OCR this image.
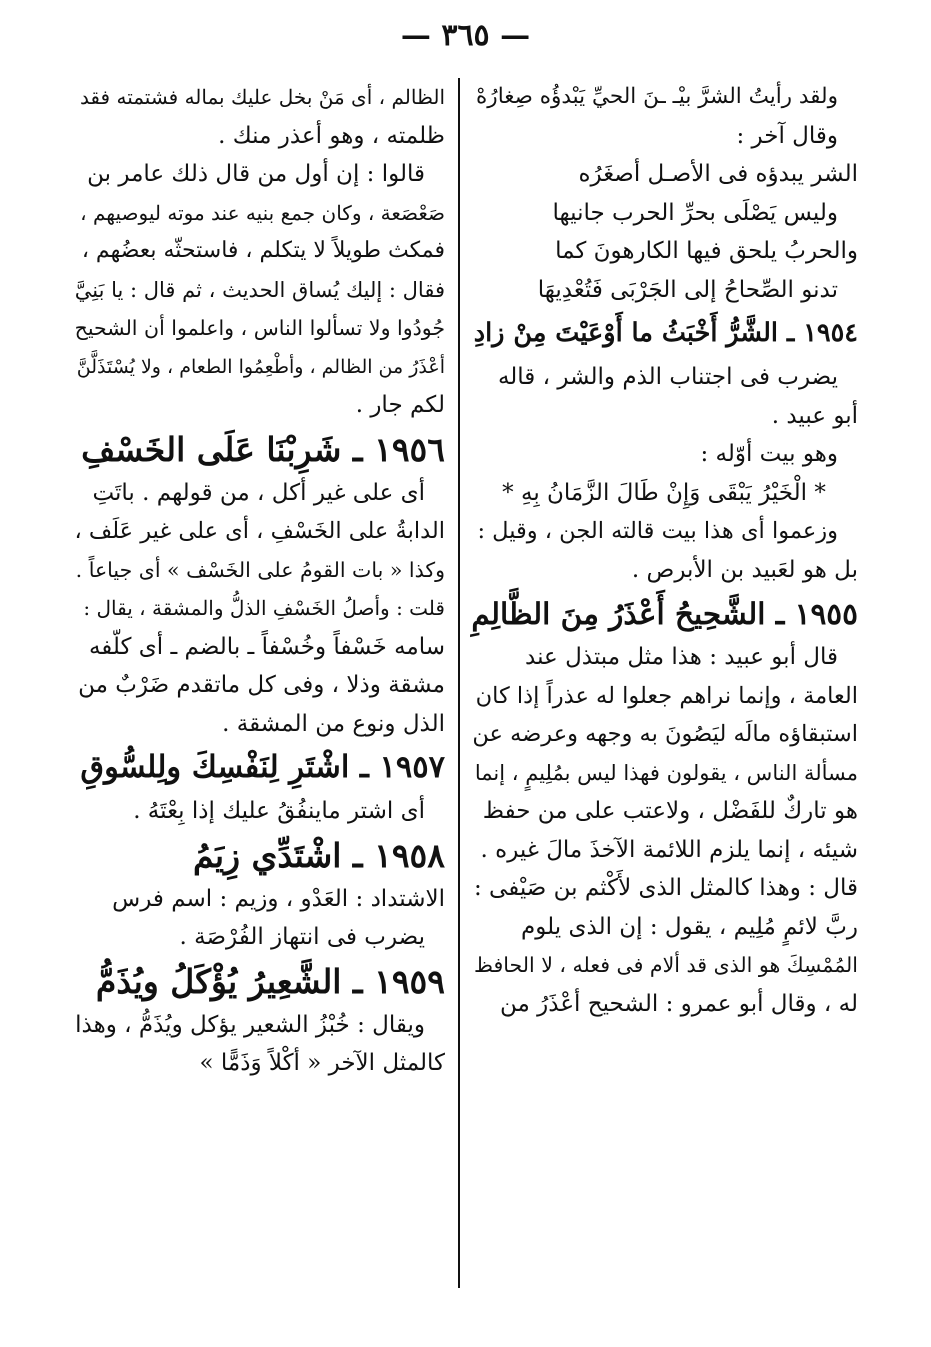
— ٣٦٥ —
ولقد رأيتُ الشرَّ بيْـ ـنَ الحيِّ يَبْدؤُه صِغارُهْ
وقال آخر :
الشر يبدؤه فى الأصـل أصغَرُه
وليس يَصْلَى بحرِّ الحرب جانيها
والحربُ يلحق فيها الكارهونَ كما
تدنو الصِّحاحُ إلى الجَرْبَى فَتُعْدِيهَا
١٩٥٤ ـ الشَّرُّ أَخْبَثُ ما أَوْعَيْتَ مِنْ زادِ
يضرب فى اجتناب الذم والشر ، قاله
أبو عبيد .
وهو بيت أوّله :
* الْخَيْرُ يَبْقَى وَإِنْ طَالَ الزَّمَانُ بِهِ *
وزعموا أى هذا بيت قالته الجن ، وقيل :
بل هو لعَبيد بن الأبرص .
١٩٥٥ ـ الشَّحِيحُ أَعْذَرُ مِنَ الظَّالِمِ
قال أبو عبيد : هذا مثل مبتذل عند
العامة ، وإنما نراهم جعلوا له عذراً إذا كان
استبقاؤه مالَه ليَصُونَ به وجهه وعرضه عن
مسألة الناس ، يقولون فهذا ليس بمُلِيمٍ ، إنما
هو تاركٌ للفَضْل ، ولاعتب على من حفظ
شيئه ، إنما يلزم اللائمة الآخذَ مالَ غيره .
قال : وهذا كالمثل الذى لأَكْثم بن صَيْفى :
ربَّ لائمٍ مُلِيم ، يقول : إن الذى يلوم
المُمْسِكَ هو الذى قد ألام فى فعله ، لا الحافظ
له ، وقال أبو عمرو : الشحيح أعْذَرُ من
الظالم ، أى مَنْ بخل عليك بماله فشتمته فقد
ظلمته ، وهو أعذر منك .
قالوا : إن أول من قال ذلك عامر بن
صَعْصَعة ، وكان جمع بنيه عند موته ليوصيهم ،
فمكث طويلاً لا يتكلم ، فاستحثّه بعضُهم ،
فقال : إليك يُساق الحديث ، ثم قال : يا بَنِيَّ
جُودُوا ولا تسألوا الناس ، واعلموا أن الشحيح
أعْذَرُ من الظالم ، وأطْعِمُوا الطعام ، ولا يُسْتَذَلَّنَّ
لكم جار .
١٩٥٦ ـ شَرِبْنَا عَلَى الخَسْفِ
أى على غير أكل ، من قولهم . باتَتِ
الدابةُ على الخَسْفِ ، أى على غير عَلَف ،
وكذا « بات القومُ على الخَسْف » أى جياعاً .
قلت : وأصلُ الخَسْفِ الذلُّ والمشقة ، يقال :
سامه خَسْفاً وخُسْفاً ـ بالضم ـ أى كلّفه
مشقة وذلا ، وفى كل ماتقدم ضَرْبٌ من
الذل ونوع من المشقة .
١٩٥٧ ـ اشْتَرِ لِنَفْسِكَ ولِلسُّوقِ
أى اشتر ماينفُقُ عليك إذا بِعْتَهُ .
١٩٥٨ ـ اشْتَدِّي زِيَمُ
الاشتداد : العَدْو ، وزيم : اسم فرس
يضرب فى انتهاز الفُرْصَة .
١٩٥٩ ـ الشَّعِيرُ يُؤْكَلُ ويُذَمُّ
ويقال : خُبْزُ الشعير يؤكل ويُذَمُّ ، وهذا
كالمثل الآخر « أكْلاً وَذَمًّا »
